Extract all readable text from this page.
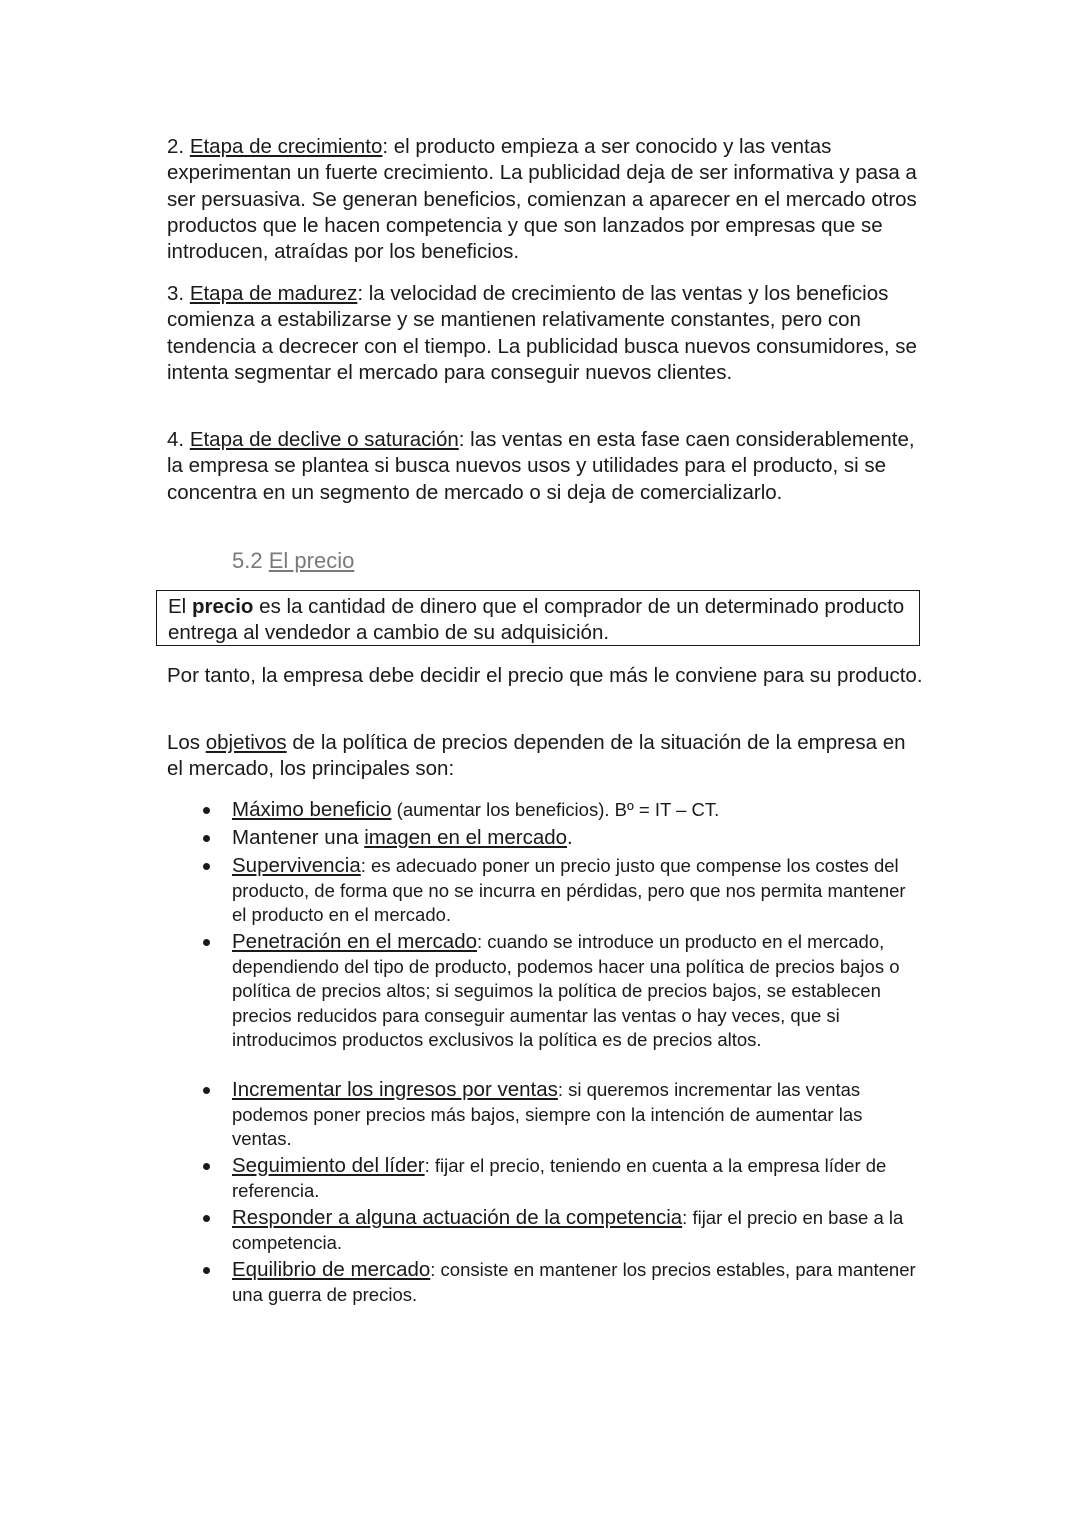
2. Etapa de crecimiento: el producto empieza a ser conocido y las ventas experimentan un fuerte crecimiento. La publicidad deja de ser informativa y pasa a ser persuasiva. Se generan beneficios, comienzan a aparecer en el mercado otros productos que le hacen competencia y que son lanzados por empresas que se introducen, atraídas por los beneficios.

3. Etapa de madurez: la velocidad de crecimiento de las ventas y los beneficios comienza a estabilizarse y se mantienen relativamente constantes, pero con tendencia a decrecer con el tiempo. La publicidad busca nuevos consumidores, se intenta segmentar el mercado para conseguir nuevos clientes.

4. Etapa de declive o saturación: las ventas en esta fase caen considerablemente, la empresa se plantea si busca nuevos usos y utilidades para el producto, si se concentra en un segmento de mercado o si deja de comercializarlo.

5.2 El precio

El precio es la cantidad de dinero que el comprador de un determinado producto entrega al vendedor a cambio de su adquisición.

Por tanto, la empresa debe decidir el precio que más le conviene para su producto.

Los objetivos de la política de precios dependen de la situación de la empresa en el mercado, los principales son:

Máximo beneficio (aumentar los beneficios). Bº = IT – CT.
Mantener una imagen en el mercado.
Supervivencia: es adecuado poner un precio justo que compense los costes del producto, de forma que no se incurra en pérdidas, pero que nos permita mantener el producto en el mercado.
Penetración en el mercado: cuando se introduce un producto en el mercado, dependiendo del tipo de producto, podemos hacer una política de precios bajos o política de precios altos; si seguimos la política de precios bajos, se establecen precios reducidos para conseguir aumentar las ventas o hay veces, que si introducimos productos exclusivos la política es de precios altos.
Incrementar los ingresos por ventas: si queremos incrementar las ventas podemos poner precios más bajos, siempre con la intención de aumentar las ventas.
Seguimiento del líder: fijar el precio, teniendo en cuenta a la empresa líder de referencia.
Responder a alguna actuación de la competencia: fijar el precio en base a la competencia.
Equilibrio de mercado: consiste en mantener los precios estables, para mantener una guerra de precios.
